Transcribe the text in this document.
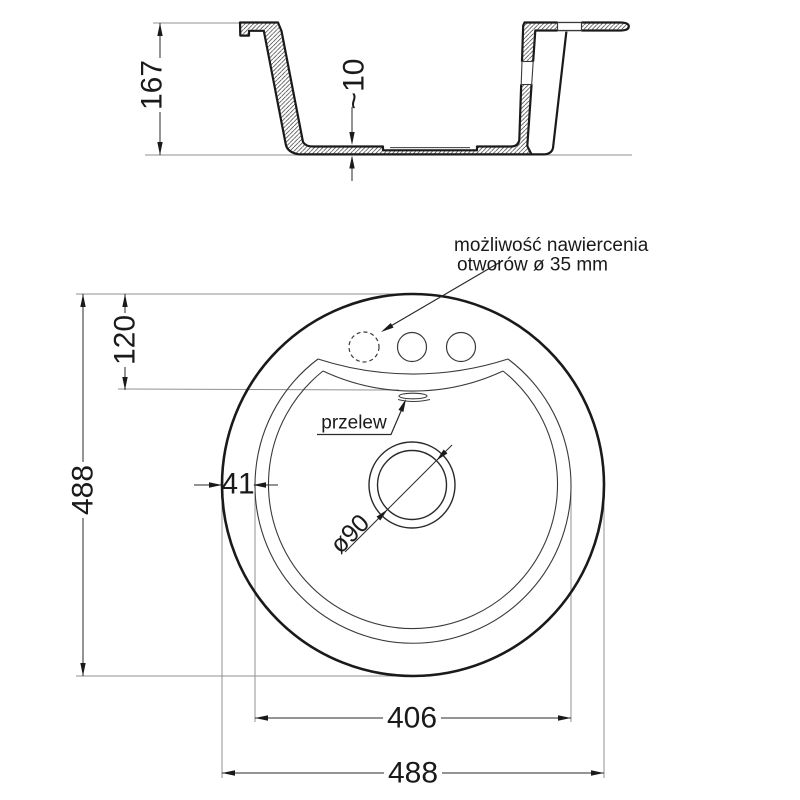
167	~10
ø90
488
120
41
406
488
przelew
możliwość nawiercenia
otworów ø 35 mm
